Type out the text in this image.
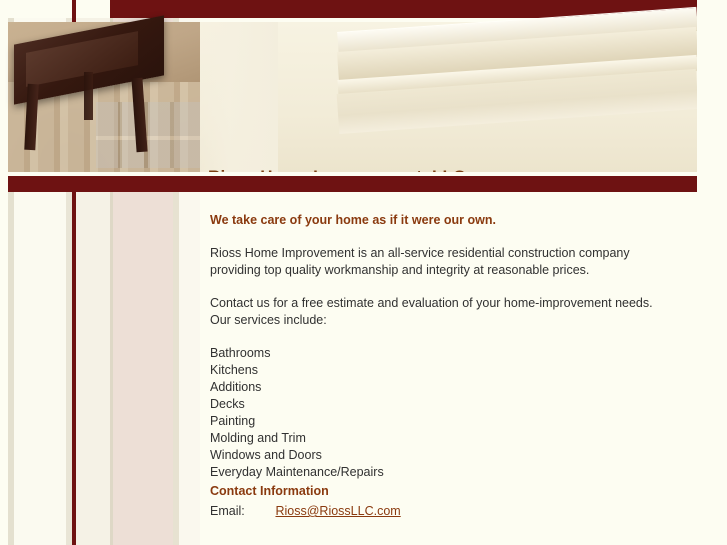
We take care of your home as if it were our own.

Rioss Home Improvement is an all-service residential construction company providing top quality workmanship and integrity at reasonable prices.

Contact us for a free estimate and evaluation of your home-improvement needs. Our services include:

Bathrooms
Kitchens
Additions
Decks
Painting
Molding and Trim
Windows and Doors
Everyday Maintenance/Repairs
Contact Information
Email: Rioss@RiossLLC.com
